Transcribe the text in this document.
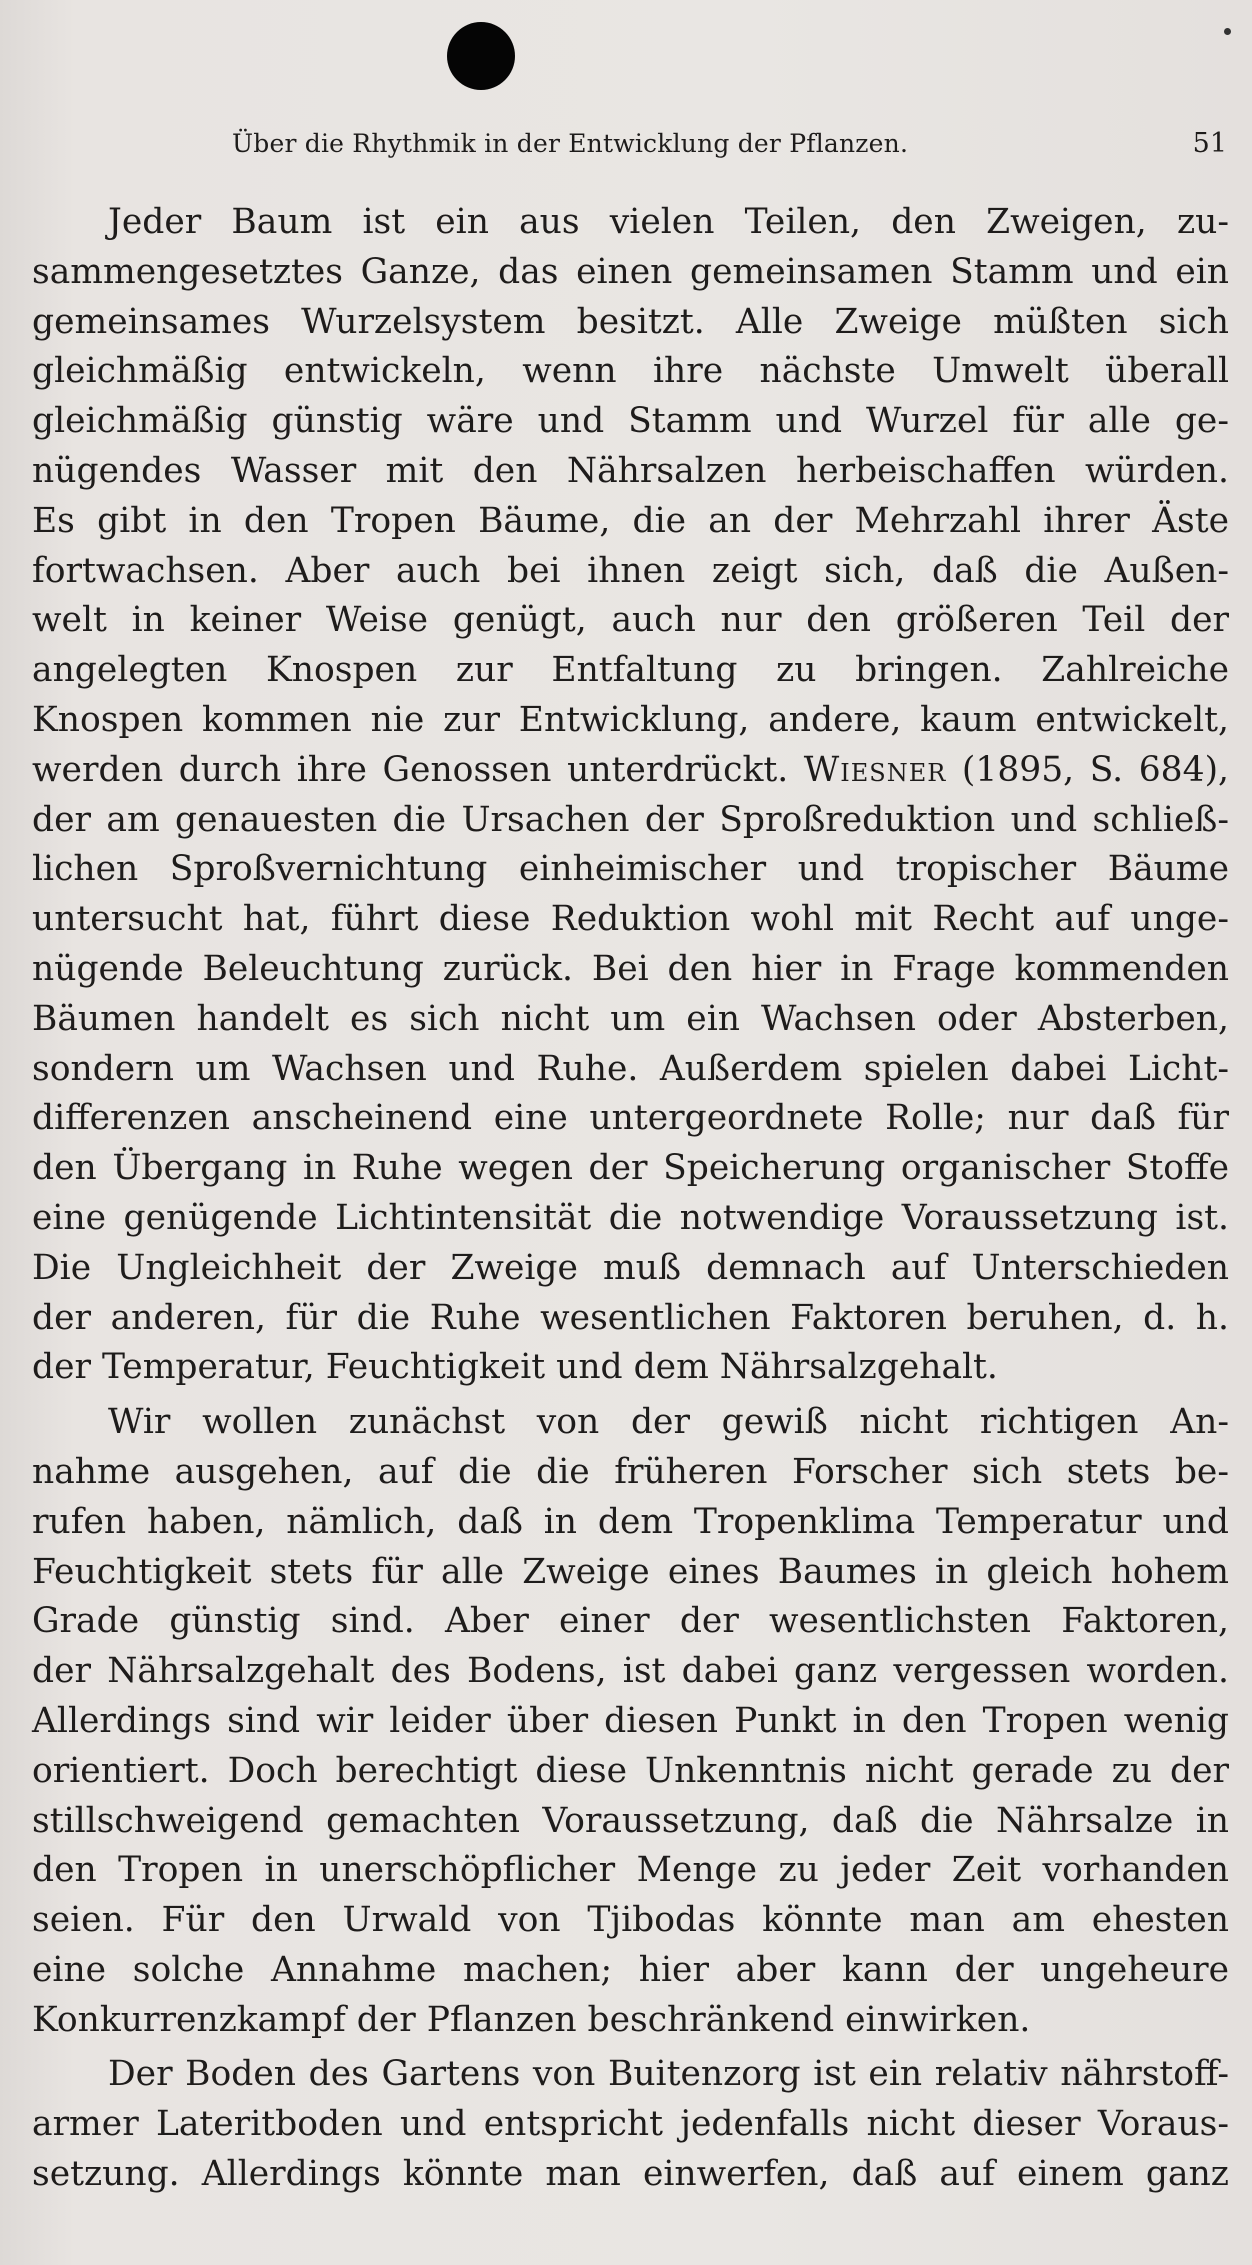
Über die Rhythmik in der Entwicklung der Pflanzen.	51
Jeder Baum ist ein aus vielen Teilen, den Zweigen, zu-
sammengesetztes Ganze, das einen gemeinsamen Stamm und ein
gemeinsames Wurzelsystem besitzt. Alle Zweige müßten sich
gleichmäßig entwickeln, wenn ihre nächste Umwelt überall
gleichmäßig günstig wäre und Stamm und Wurzel für alle ge-
nügendes Wasser mit den Nährsalzen herbeischaffen würden.
Es gibt in den Tropen Bäume, die an der Mehrzahl ihrer Äste
fortwachsen. Aber auch bei ihnen zeigt sich, daß die Außen-
welt in keiner Weise genügt, auch nur den größeren Teil der
angelegten Knospen zur Entfaltung zu bringen. Zahlreiche
Knospen kommen nie zur Entwicklung, andere, kaum entwickelt,
werden durch ihre Genossen unterdrückt. Wiesner (1895, S. 684),
der am genauesten die Ursachen der Sproßreduktion und schließ-
lichen Sproßvernichtung einheimischer und tropischer Bäume
untersucht hat, führt diese Reduktion wohl mit Recht auf unge-
nügende Beleuchtung zurück. Bei den hier in Frage kommenden
Bäumen handelt es sich nicht um ein Wachsen oder Absterben,
sondern um Wachsen und Ruhe. Außerdem spielen dabei Licht-
differenzen anscheinend eine untergeordnete Rolle; nur daß für
den Übergang in Ruhe wegen der Speicherung organischer Stoffe
eine genügende Lichtintensität die notwendige Voraussetzung ist.
Die Ungleichheit der Zweige muß demnach auf Unterschieden
der anderen, für die Ruhe wesentlichen Faktoren beruhen, d. h.
der Temperatur, Feuchtigkeit und dem Nährsalzgehalt.
Wir wollen zunächst von der gewiß nicht richtigen An-
nahme ausgehen, auf die die früheren Forscher sich stets be-
rufen haben, nämlich, daß in dem Tropenklima Temperatur und
Feuchtigkeit stets für alle Zweige eines Baumes in gleich hohem
Grade günstig sind. Aber einer der wesentlichsten Faktoren,
der Nährsalzgehalt des Bodens, ist dabei ganz vergessen worden.
Allerdings sind wir leider über diesen Punkt in den Tropen wenig
orientiert. Doch berechtigt diese Unkenntnis nicht gerade zu der
stillschweigend gemachten Voraussetzung, daß die Nährsalze in
den Tropen in unerschöpflicher Menge zu jeder Zeit vorhanden
seien. Für den Urwald von Tjibodas könnte man am ehesten
eine solche Annahme machen; hier aber kann der ungeheure
Konkurrenzkampf der Pflanzen beschränkend einwirken.
Der Boden des Gartens von Buitenzorg ist ein relativ nährstoff-
armer Lateritboden und entspricht jedenfalls nicht dieser Voraus-
setzung. Allerdings könnte man einwerfen, daß auf einem ganz
